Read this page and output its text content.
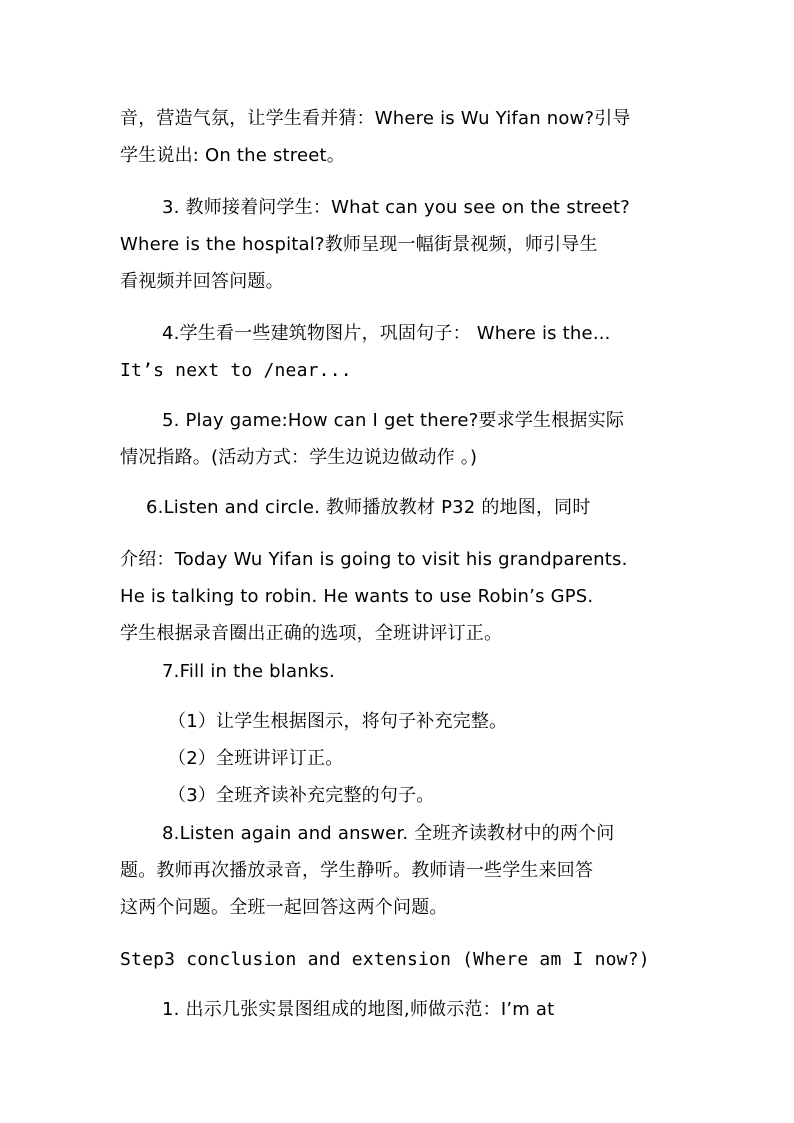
音，营造气氛，让学生看并猜：Where is Wu Yifan now?引导
学生说出: On the street。
3. 教师接着问学生：What can you see on the street?
Where is the hospital?教师呈现一幅街景视频，师引导生
看视频并回答问题。
4.学生看一些建筑物图片，巩固句子： Where is the...
It’s next to /near...
5. Play game:How can I get there?要求学生根据实际
情况指路。(活动方式：学生边说边做动作 。)
6.Listen and circle. 教师播放教材 P32 的地图，同时
介绍：Today Wu Yifan is going to visit his grandparents.
He is talking to robin. He wants to use Robin’s GPS.
学生根据录音圈出正确的选项，全班讲评订正。
7.Fill in the blanks.
（1）让学生根据图示，将句子补充完整。
（2）全班讲评订正。
（3）全班齐读补充完整的句子。
8.Listen again and answer. 全班齐读教材中的两个问
题。教师再次播放录音，学生静听。教师请一些学生来回答
这两个问题。全班一起回答这两个问题。
Step3 conclusion and extension (Where am I now?)
1. 出示几张实景图组成的地图,师做示范：I’m at
